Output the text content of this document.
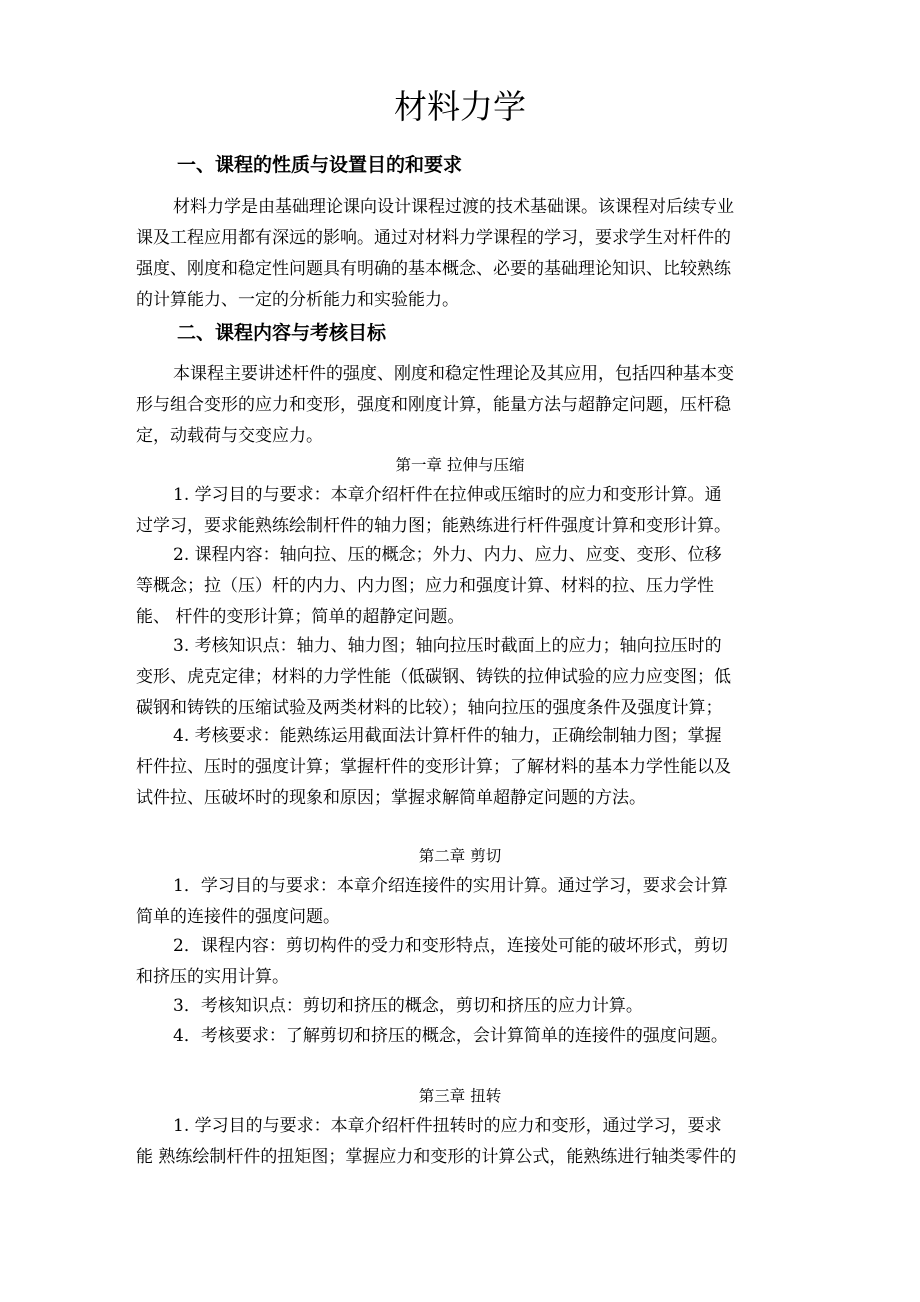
材料力学
一、课程的性质与设置目的和要求
材料力学是由基础理论课向设计课程过渡的技术基础课。该课程对后续专业
课及工程应用都有深远的影响。通过对材料力学课程的学习，要求学生对杆件的
强度、刚度和稳定性问题具有明确的基本概念、必要的基础理论知识、比较熟练
的计算能力、一定的分析能力和实验能力。
二、课程内容与考核目标
本课程主要讲述杆件的强度、刚度和稳定性理论及其应用，包括四种基本变
形与组合变形的应力和变形，强度和刚度计算，能量方法与超静定问题，压杆稳
定，动载荷与交变应力。
第一章 拉伸与压缩
1. 学习目的与要求：本章介绍杆件在拉伸或压缩时的应力和变形计算。通
过学习，要求能熟练绘制杆件的轴力图；能熟练进行杆件强度计算和变形计算。
2. 课程内容：轴向拉、压的概念；外力、内力、应力、应变、变形、位移
等概念；拉（压）杆的内力、内力图；应力和强度计算、材料的拉、压力学性
能、 杆件的变形计算；简单的超静定问题。
3. 考核知识点：轴力、轴力图；轴向拉压时截面上的应力；轴向拉压时的
变形、虎克定律；材料的力学性能（低碳钢、铸铁的拉伸试验的应力应变图；低
碳钢和铸铁的压缩试验及两类材料的比较）；轴向拉压的强度条件及强度计算；
4. 考核要求：能熟练运用截面法计算杆件的轴力，正确绘制轴力图；掌握
杆件拉、压时的强度计算；掌握杆件的变形计算；了解材料的基本力学性能以及
试件拉、压破坏时的现象和原因；掌握求解简单超静定问题的方法。
第二章 剪切
1．学习目的与要求：本章介绍连接件的实用计算。通过学习，要求会计算
简单的连接件的强度问题。
2．课程内容：剪切构件的受力和变形特点，连接处可能的破坏形式，剪切
和挤压的实用计算。
3．考核知识点：剪切和挤压的概念，剪切和挤压的应力计算。
4．考核要求：了解剪切和挤压的概念，会计算简单的连接件的强度问题。
第三章 扭转
1. 学习目的与要求：本章介绍杆件扭转时的应力和变形，通过学习，要求
能 熟练绘制杆件的扭矩图；掌握应力和变形的计算公式，能熟练进行轴类零件的
